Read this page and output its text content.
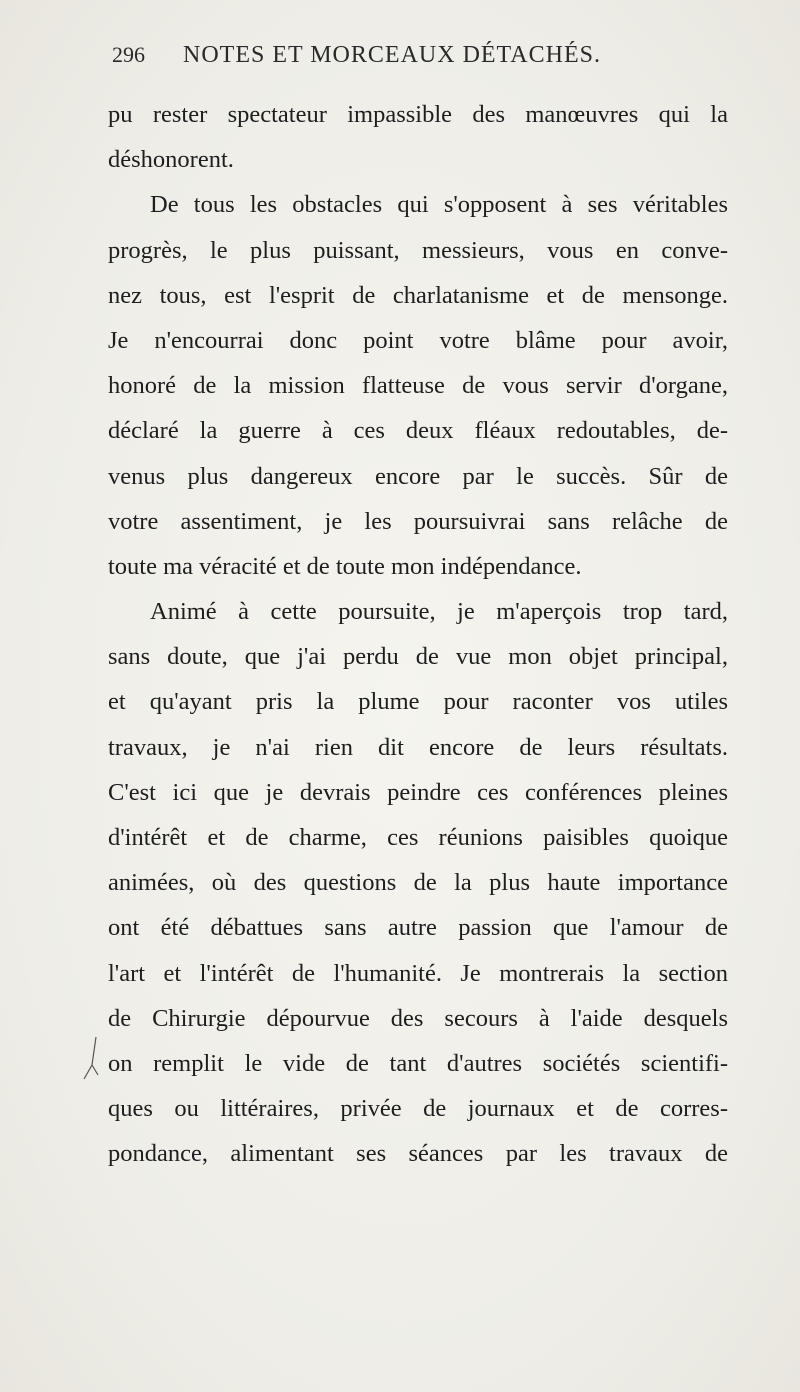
296	NOTES ET MORCEAUX DÉTACHÉS.
pu rester spectateur impassible des manœuvres qui la
déshonorent.
De tous les obstacles qui s'opposent à ses véritables
progrès, le plus puissant, messieurs, vous en conve-
nez tous, est l'esprit de charlatanisme et de mensonge.
Je n'encourrai donc point votre blâme pour avoir,
honoré de la mission flatteuse de vous servir d'organe,
déclaré la guerre à ces deux fléaux redoutables, de-
venus plus dangereux encore par le succès. Sûr de
votre assentiment, je les poursuivrai sans relâche de
toute ma véracité et de toute mon indépendance.
Animé à cette poursuite, je m'aperçois trop tard,
sans doute, que j'ai perdu de vue mon objet principal,
et qu'ayant pris la plume pour raconter vos utiles
travaux, je n'ai rien dit encore de leurs résultats.
C'est ici que je devrais peindre ces conférences pleines
d'intérêt et de charme, ces réunions paisibles quoique
animées, où des questions de la plus haute importance
ont été débattues sans autre passion que l'amour de
l'art et l'intérêt de l'humanité. Je montrerais la section
de Chirurgie dépourvue des secours à l'aide desquels
on remplit le vide de tant d'autres sociétés scientifi-
ques ou littéraires, privée de journaux et de corres-
pondance, alimentant ses séances par les travaux de
